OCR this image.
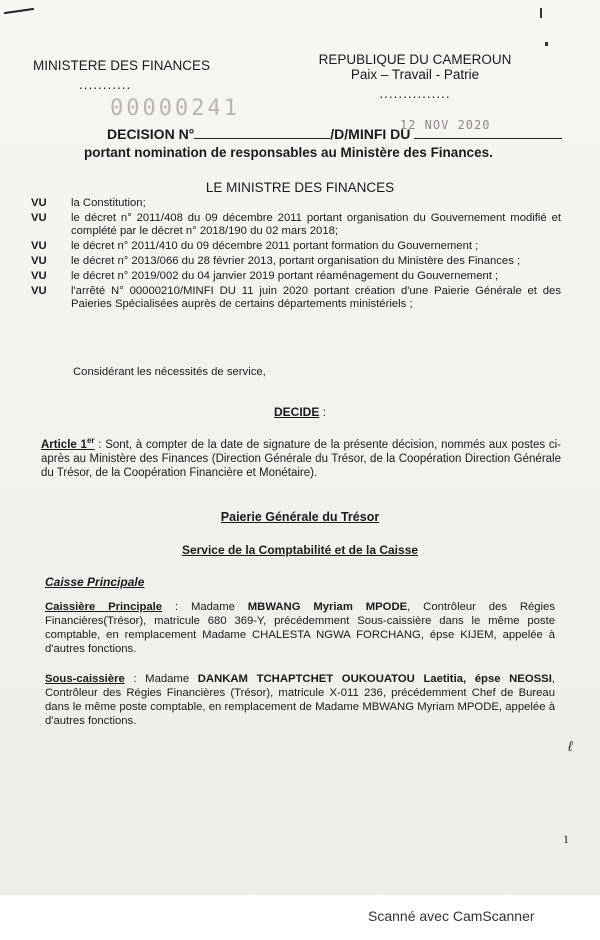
MINISTERE DES FINANCES
...........
REPUBLIQUE DU CAMEROUN
Paix – Travail - Patrie
...............
00000241
12 NOV 2020
DECISION N°	/D/MINFI DU
portant nomination de responsables au Ministère des Finances.
LE MINISTRE DES FINANCES
VU	la Constitution;
VU	le décret n° 2011/408 du 09 décembre 2011 portant organisation du Gouvernement modifié et complété par le décret n° 2018/190 du 02 mars 2018;
VU	le décret n° 2011/410 du 09 décembre 2011 portant formation du Gouvernement ;
VU	le décret n° 2013/066 du 28 février 2013, portant organisation du Ministère des Finances ;
VU	le décret n° 2019/002 du 04 janvier 2019 portant réaménagement du Gouvernement ;
VU	l'arrêté N° 00000210/MINFI DU 11 juin 2020 portant création d'une Paierie Générale et des Paieries Spécialisées auprès de certains départements ministériels ;
Considérant les nécessités de service,
DECIDE :
Article 1er : Sont, à compter de la date de signature de la présente décision, nommés aux postes ci-après au Ministère des Finances (Direction Générale du Trésor, de la Coopération Direction Générale du Trésor, de la Coopération Financière et Monétaire).
Paierie Générale du Trésor
Service de la Comptabilité et de la Caisse
Caisse Principale
Caissière Principale : Madame MBWANG Myriam MPODE, Contrôleur des Régies Financières(Trésor), matricule 680 369-Y, précédemment Sous-caissière dans le même poste comptable, en remplacement Madame CHALESTA NGWA FORCHANG, épse KIJEM, appelée à d'autres fonctions.
Sous-caissière : Madame DANKAM TCHAPTCHET OUKOUATOU Laetitia, épse NEOSSI, Contrôleur des Régies Financières (Trésor), matricule X-011 236, précédemment Chef de Bureau dans le même poste comptable, en remplacement de Madame MBWANG Myriam MPODE, appelée à d'autres fonctions.
ℓ
1
Scanné avec CamScanner
